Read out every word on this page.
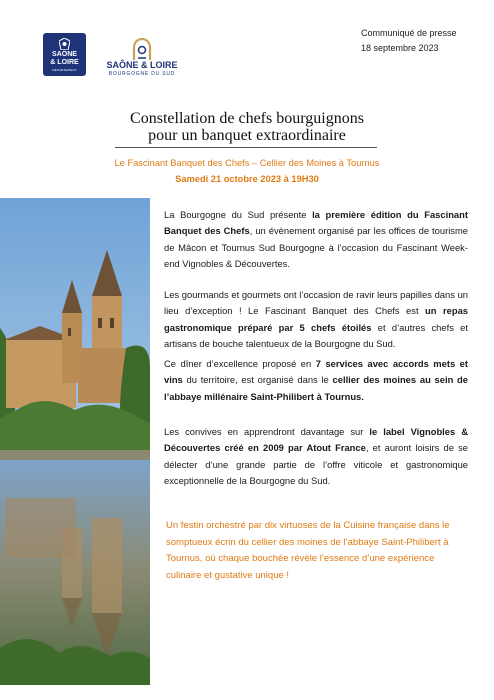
SAÔNE
& LOIRE
DÉPARTEMENT	SAÔNE & LOIRE
BOURGOGNE DU SUD
Communiqué de presse
18 septembre 2023
Constellation de chefs bourguignons
pour un banquet extraordinaire
Le Fascinant Banquet des Chefs – Cellier des Moines à Tournus
Samedi 21 octobre 2023 à 19H30
La Bourgogne du Sud présente la première édition du Fascinant Banquet des Chefs, un évènement organisé par les offices de tourisme de Mâcon et Tournus Sud Bourgogne à l’occasion du Fascinant Week-end Vignobles & Découvertes.
Les gourmands et gourmets ont l’occasion de ravir leurs papilles dans un lieu d’exception ! Le Fascinant Banquet des Chefs est un repas gastronomique préparé par 5 chefs étoilés et d’autres chefs et artisans de bouche talentueux de la Bourgogne du Sud.
Ce dîner d’excellence proposé en 7 services avec accords mets et vins du territoire, est organisé dans le cellier des moines au sein de l’abbaye millénaire Saint-Philibert à Tournus.
Les convives en apprendront davantage sur le label Vignobles & Découvertes créé en 2009 par Atout France, et auront loisirs de se délecter d’une grande partie de l’offre viticole et gastronomique exceptionnelle de la Bourgogne du Sud.
Un festin orchestré par dix virtuoses de la Cuisine française dans le somptueux écrin du cellier des moines de l’abbaye Saint-Philibert à Tournus, où chaque bouchée révèle l’essence d’une expérience culinaire et gustative unique !
